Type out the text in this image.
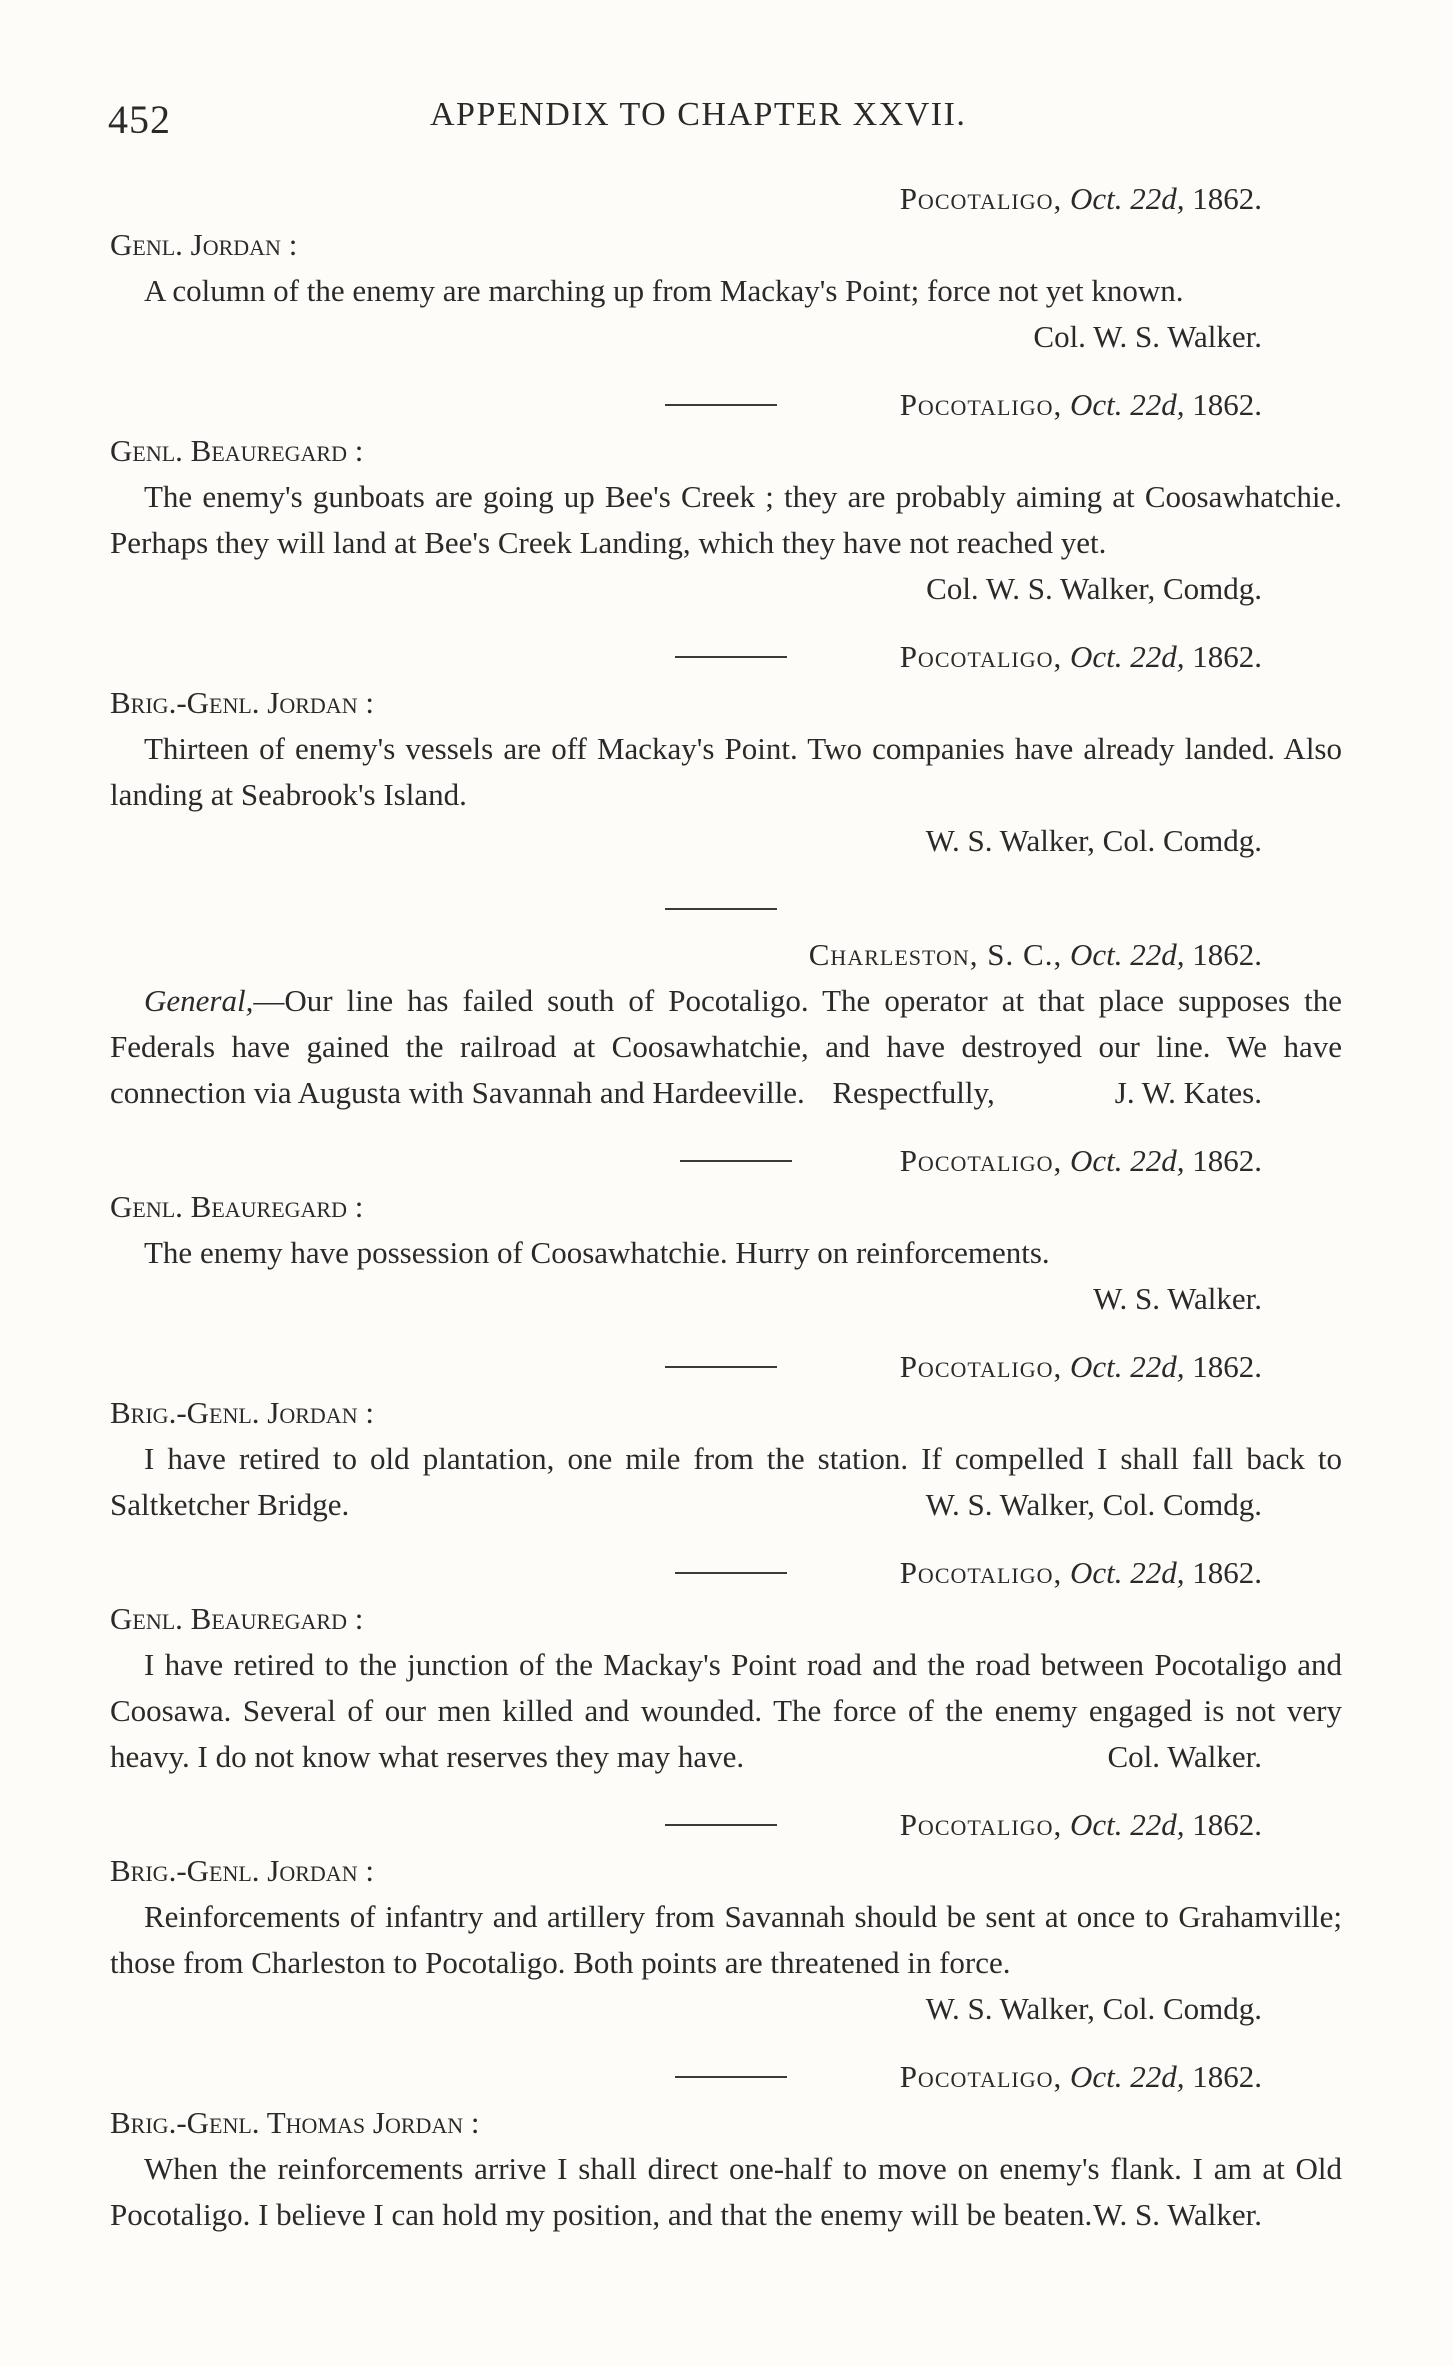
452	APPENDIX TO CHAPTER XXVII.
Pocotaligo, Oct. 22d, 1862.
Genl. Jordan :

A column of the enemy are marching up from Mackay's Point; force not yet known.
Col. W. S. Walker.

Pocotaligo, Oct. 22d, 1862.
Genl. Beauregard :

The enemy's gunboats are going up Bee's Creek ; they are probably aiming at Coosawhatchie. Perhaps they will land at Bee's Creek Landing, which they have not reached yet.
Col. W. S. Walker, Comdg.

Pocotaligo, Oct. 22d, 1862.
Brig.-Genl. Jordan :

Thirteen of enemy's vessels are off Mackay's Point. Two companies have already landed. Also landing at Seabrook's Island.

W. S. Walker, Col. Comdg.
Charleston, S. C., Oct. 22d, 1862.

General,—Our line has failed south of Pocotaligo. The operator at that place supposes the Federals have gained the railroad at Coosawhatchie, and have destroyed our line. We have connection via Augusta with Savannah and Hardeeville.	J. W. Kates.
Respectfully,

Pocotaligo, Oct. 22d, 1862.
Genl. Beauregard :

The enemy have possession of Coosawhatchie. Hurry on reinforcements.

W. S. Walker.
Pocotaligo, Oct. 22d, 1862.
Brig.-Genl. Jordan :

I have retired to old plantation, one mile from the station. If compelled I shall fall back to Saltketcher Bridge.	W. S. Walker, Col. Comdg.

Pocotaligo, Oct. 22d, 1862.
Genl. Beauregard :

I have retired to the junction of the Mackay's Point road and the road between Pocotaligo and Coosawa. Several of our men killed and wounded. The force of the enemy engaged is not very heavy. I do not know what reserves they may have.	Col. Walker.

Pocotaligo, Oct. 22d, 1862.
Brig.-Genl. Jordan :

Reinforcements of infantry and artillery from Savannah should be sent at once to Grahamville; those from Charleston to Pocotaligo. Both points are threatened in force.
W. S. Walker, Col. Comdg.

Pocotaligo, Oct. 22d, 1862.
Brig.-Genl. Thomas Jordan :

When the reinforcements arrive I shall direct one-half to move on enemy's flank. I am at Old Pocotaligo. I believe I can hold my position, and that the enemy will be beaten. W. S. Walker.
